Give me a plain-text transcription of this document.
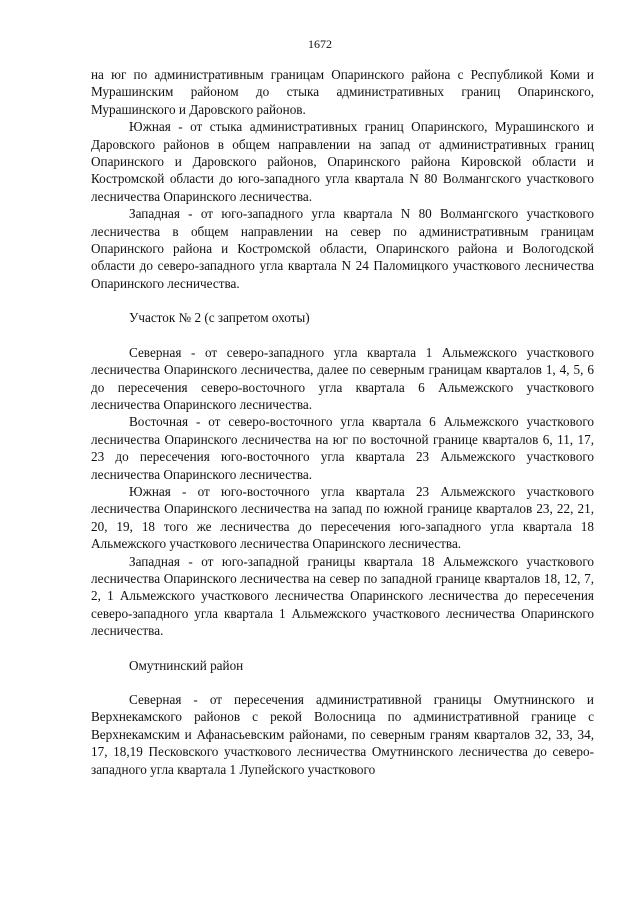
1672

на юг по административным границам Опаринского района с Республикой Коми и Мурашинским районом до стыка административных границ Опаринского, Мурашинского и Даровского районов.

Южная - от стыка административных границ Опаринского, Мурашинского и Даровского районов в общем направлении на запад от административных границ Опаринского и Даровского районов, Опаринского района Кировской области и Костромской области до юго-западного угла квартала N 80 Волмангского участкового лесничества Опаринского лесничества.

Западная - от юго-западного угла квартала N 80 Волмангского участкового лесничества в общем направлении на север по административным границам Опаринского района и Костромской области, Опаринского района и Вологодской области до северо-западного угла квартала N 24 Паломицкого участкового лесничества Опаринского лесничества.

Участок № 2 (с запретом охоты)

Северная - от северо-западного угла квартала 1 Альмежского участкового лесничества Опаринского лесничества, далее по северным границам кварталов 1, 4, 5, 6 до пересечения северо-восточного угла квартала 6 Альмежского участкового лесничества Опаринского лесничества.

Восточная - от северо-восточного угла квартала 6 Альмежского участкового лесничества Опаринского лесничества на юг по восточной границе кварталов 6, 11, 17, 23 до пересечения юго-восточного угла квартала 23 Альмежского участкового лесничества Опаринского лесничества.

Южная - от юго-восточного угла квартала 23 Альмежского участкового лесничества Опаринского лесничества на запад по южной границе кварталов 23, 22, 21, 20, 19, 18 того же лесничества до пересечения юго-западного угла квартала 18 Альмежского участкового лесничества Опаринского лесничества.

Западная - от юго-западной границы квартала 18 Альмежского участкового лесничества Опаринского лесничества на север по западной границе кварталов 18, 12, 7, 2, 1 Альмежского участкового лесничества Опаринского лесничества до пересечения северо-западного угла квартала 1 Альмежского участкового лесничества Опаринского лесничества.

Омутнинский район

Северная - от пересечения административной границы Омутнинского и Верхнекамского районов с рекой Волосница по административной границе с Верхнекамским и Афанасьевским районами, по северным граням кварталов 32, 33, 34, 17, 18,19 Песковского участкового лесничества Омутнинского лесничества до северо-западного угла квартала 1 Лупейского участкового
